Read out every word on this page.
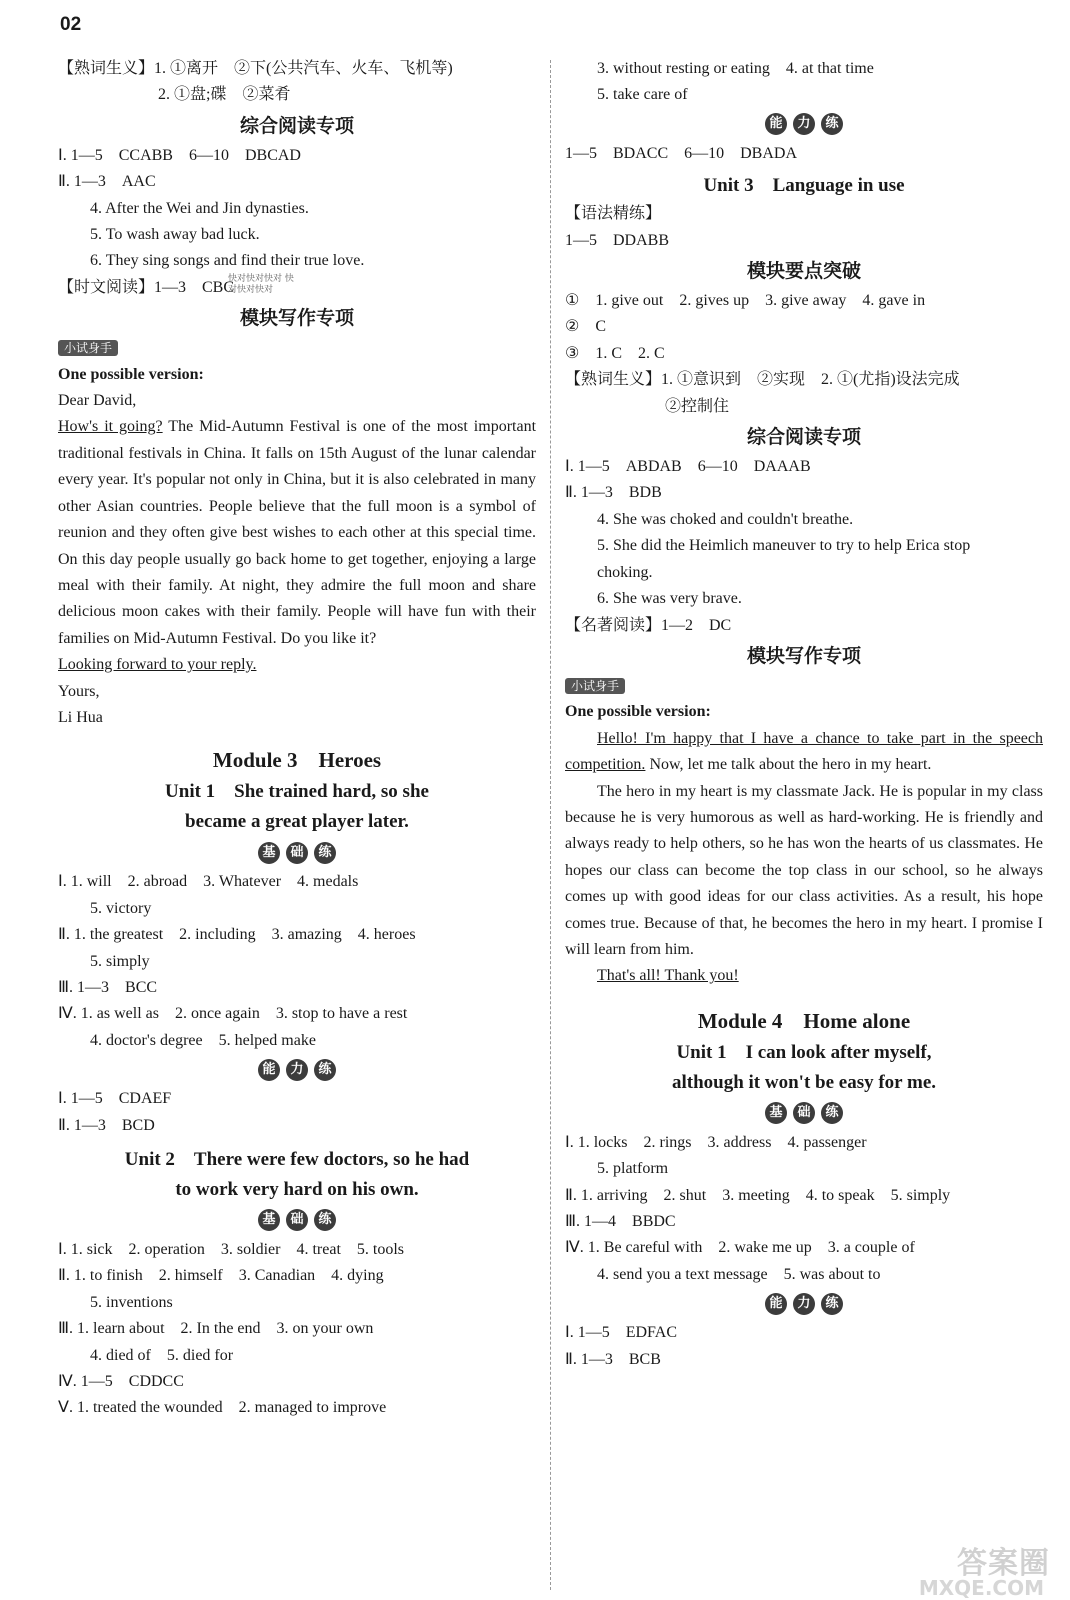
02
【熟词生义】1. ①离开　②下(公共汽车、火车、飞机等)
2. ①盘;碟　②菜肴
综合阅读专项
Ⅰ. 1—5　CCABB　6—10　DBCAD
Ⅱ. 1—3　AAC
4. After the Wei and Jin dynasties.
5. To wash away bad luck.
6. They sing songs and find their true love.
【时文阅读】1—3　CBC
模块写作专项
小试身手
One possible version:
Dear David,
How's it going? The Mid-Autumn Festival is one of the most important traditional festivals in China. It falls on 15th August of the lunar calendar every year. It's popular not only in China, but it is also celebrated in many other Asian countries. People believe that the full moon is a symbol of reunion and they often give best wishes to each other at this special time. On this day people usually go back home to get together, enjoying a large meal with their family. At night, they admire the full moon and share delicious moon cakes with their family. People will have fun with their families on Mid-Autumn Festival. Do you like it?
Looking forward to your reply.
Yours,
Li Hua
Module 3　Heroes
Unit 1　She trained hard, so she
became a great player later.
基 础 练
Ⅰ. 1. will　2. abroad　3. Whatever　4. medals
5. victory
Ⅱ. 1. the greatest　2. including　3. amazing　4. heroes
5. simply
Ⅲ. 1—3　BCC
Ⅳ. 1. as well as　2. once again　3. stop to have a rest
4. doctor's degree　5. helped make
能 力 练
Ⅰ. 1—5　CDAEF
Ⅱ. 1—3　BCD
Unit 2　There were few doctors, so he had
to work very hard on his own.
基 础 练
Ⅰ. 1. sick　2. operation　3. soldier　4. treat　5. tools
Ⅱ. 1. to finish　2. himself　3. Canadian　4. dying
5. inventions
Ⅲ. 1. learn about　2. In the end　3. on your own
4. died of　5. died for
Ⅳ. 1—5　CDDCC
Ⅴ. 1. treated the wounded　2. managed to improve
快对快对快对 快对快对快对
3. without resting or eating　4. at that time
5. take care of
能 力 练
1—5　BDACC　6—10　DBADA
Unit 3　Language in use
【语法精练】
1—5　DDABB
模块要点突破
①　1. give out　2. gives up　3. give away　4. gave in
②　C
③　1. C　2. C
【熟词生义】1. ①意识到　②实现　2. ①(尤指)设法完成
②控制住
综合阅读专项
Ⅰ. 1—5　ABDAB　6—10　DAAAB
Ⅱ. 1—3　BDB
4. She was choked and couldn't breathe.
5. She did the Heimlich maneuver to try to help Erica stop
choking.
6. She was very brave.
【名著阅读】1—2　DC
模块写作专项
小试身手
One possible version:
Hello! I'm happy that I have a chance to take part in the speech competition. Now, let me talk about the hero in my heart.
The hero in my heart is my classmate Jack. He is popular in my class because he is very humorous as well as hard-working. He is friendly and always ready to help others, so he has won the hearts of us classmates. He hopes our class can become the top class in our school, so he always comes up with good ideas for our class activities. As a result, his hope comes true. Because of that, he becomes the hero in my heart. I promise I will learn from him.
That's all! Thank you!
Module 4　Home alone
Unit 1　I can look after myself,
although it won't be easy for me.
基 础 练
Ⅰ. 1. locks　2. rings　3. address　4. passenger
5. platform
Ⅱ. 1. arriving　2. shut　3. meeting　4. to speak　5. simply
Ⅲ. 1—4　BBDC
Ⅳ. 1. Be careful with　2. wake me up　3. a couple of
4. send you a text message　5. was about to
能 力 练
Ⅰ. 1—5　EDFAC
Ⅱ. 1—3　BCB
答案圈
MXQE.COM
